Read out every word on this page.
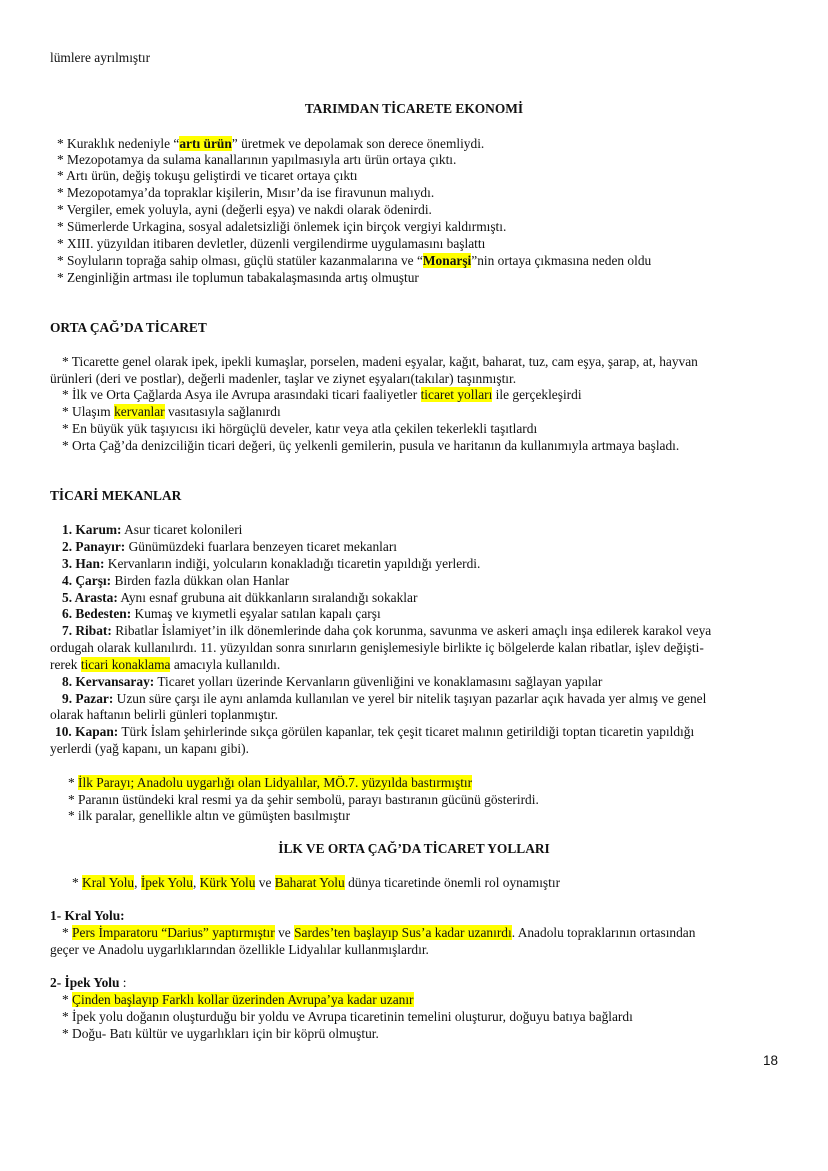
lümlere ayrılmıştır
TARIMDAN TİCARETE EKONOMİ
* Kuraklık nedeniyle “artı ürün” üretmek ve depolamak son derece önemliydi.
* Mezopotamya da sulama kanallarının yapılmasıyla artı ürün ortaya çıktı.
* Artı ürün, değiş tokuşu geliştirdi ve ticaret ortaya çıktı
* Mezopotamya’da topraklar kişilerin, Mısır’da ise firavunun malıydı.
* Vergiler, emek yoluyla, ayni (değerli eşya) ve nakdi olarak ödenirdi.
* Sümerlerde Urkagina, sosyal adaletsizliği önlemek için birçok vergiyi kaldırmıştı.
* XIII. yüzyıldan itibaren devletler, düzenli vergilendirme uygulamasını başlattı
* Soyluların toprağa sahip olması, güçlü statüler kazanmalarına ve “Monarşi”nin ortaya çıkmasına neden oldu
* Zenginliğin artması ile toplumun tabakalaşmasında artış olmuştur
ORTA ÇAĞ’DA TİCARET
* Ticarette genel olarak ipek, ipekli kumaşlar, porselen, madeni eşyalar, kağıt, baharat, tuz, cam eşya, şarap, at, hayvan
ürünleri (deri ve postlar), değerli madenler, taşlar ve ziynet eşyaları(takılar) taşınmıştır.
* İlk ve Orta Çağlarda Asya ile Avrupa arasındaki ticari faaliyetler ticaret yolları ile gerçekleşirdi
* Ulaşım kervanlar vasıtasıyla sağlanırdı
* En büyük yük taşıyıcısı iki hörgüçlü develer, katır veya atla çekilen tekerlekli taşıtlardı
* Orta Çağ’da denizciliğin ticari değeri, üç yelkenli gemilerin, pusula ve haritanın da kullanımıyla artmaya başladı.
TİCARİ MEKANLAR
1. Karum: Asur ticaret kolonileri
2. Panayır: Günümüzdeki fuarlara benzeyen ticaret mekanları
3. Han: Kervanların indiği, yolcuların konakladığı ticaretin yapıldığı yerlerdi.
4. Çarşı: Birden fazla dükkan olan Hanlar
5. Arasta: Aynı esnaf grubuna ait dükkanların sıralandığı sokaklar
6. Bedesten: Kumaş ve kıymetli eşyalar satılan kapalı çarşı
7. Ribat: Ribatlar İslamiyet’in ilk dönemlerinde daha çok korunma, savunma ve askeri amaçlı inşa edilerek karakol veya
ordugah olarak kullanılırdı. 11. yüzyıldan sonra sınırların genişlemesiyle birlikte iç bölgelerde kalan ribatlar, işlev değişti-
rerek ticari konaklama amacıyla kullanıldı.
8. Kervansaray: Ticaret yolları üzerinde Kervanların güvenliğini ve konaklamasını sağlayan yapılar
9. Pazar: Uzun süre çarşı ile aynı anlamda kullanılan ve yerel bir nitelik taşıyan pazarlar açık havada yer almış ve genel
olarak haftanın belirli günleri toplanmıştır.
10. Kapan: Türk İslam şehirlerinde sıkça görülen kapanlar, tek çeşit ticaret malının getirildiği toptan ticaretin yapıldığı
yerlerdi (yağ kapanı, un kapanı gibi).
* İlk Parayı; Anadolu uygarlığı olan Lidyalılar, MÖ.7. yüzyılda bastırmıştır
* Paranın üstündeki kral resmi ya da şehir sembolü, parayı bastıranın gücünü gösterirdi.
* ilk paralar, genellikle altın ve gümüşten basılmıştır
İLK VE ORTA ÇAĞ’DA TİCARET YOLLARI
* Kral Yolu, İpek Yolu, Kürk Yolu ve Baharat Yolu dünya ticaretinde önemli rol oynamıştır
1- Kral Yolu:
* Pers İmparatoru “Darius” yaptırmıştır ve Sardes’ten başlayıp Sus’a kadar uzanırdı. Anadolu topraklarının ortasından
geçer ve Anadolu uygarlıklarından özellikle Lidyalılar kullanmışlardır.
2- İpek Yolu :
* Çinden başlayıp Farklı kollar üzerinden Avrupa’ya kadar uzanır
* İpek yolu doğanın oluşturduğu bir yoldu ve Avrupa ticaretinin temelini oluşturur, doğuyu batıya bağlardı
* Doğu- Batı kültür ve uygarlıkları için bir köprü olmuştur.
18
